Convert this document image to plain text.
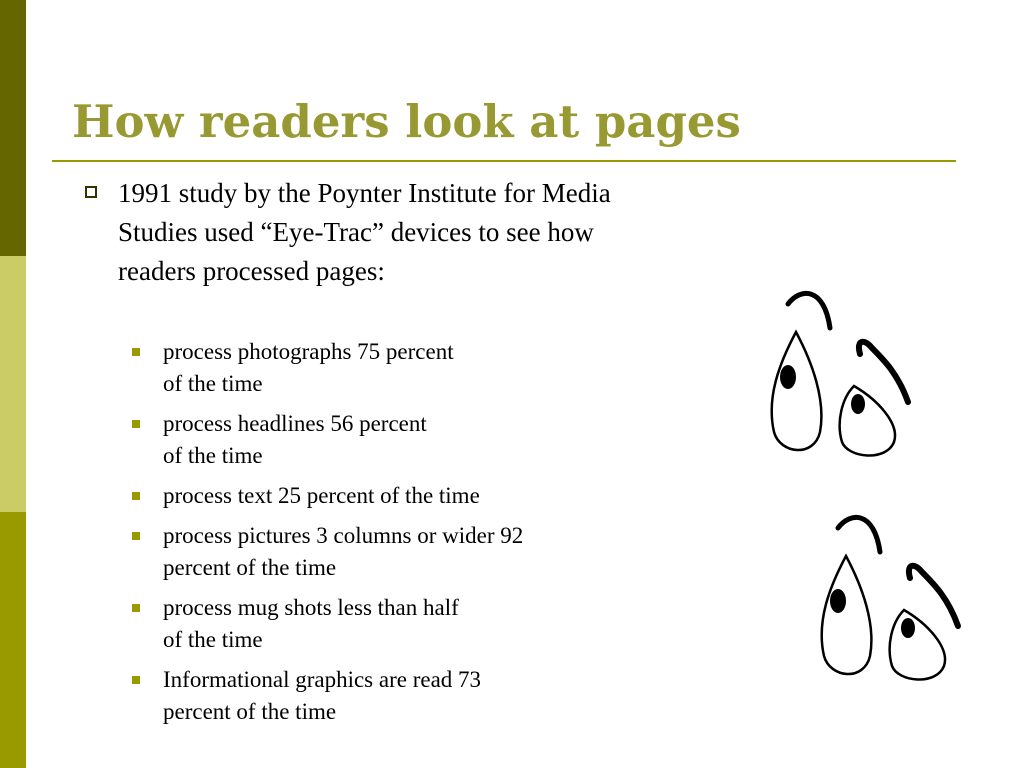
How readers look at pages

1991 study by the Poynter Institute for Media Studies used “Eye-Trac” devices to see how readers processed pages:

process photographs 75 percent
of the time
process headlines 56 percent
of the time
process text 25 percent of the time
process pictures 3 columns or wider 92
percent of the time
process mug shots less than half
of the time
Informational graphics are read 73
percent of the time
